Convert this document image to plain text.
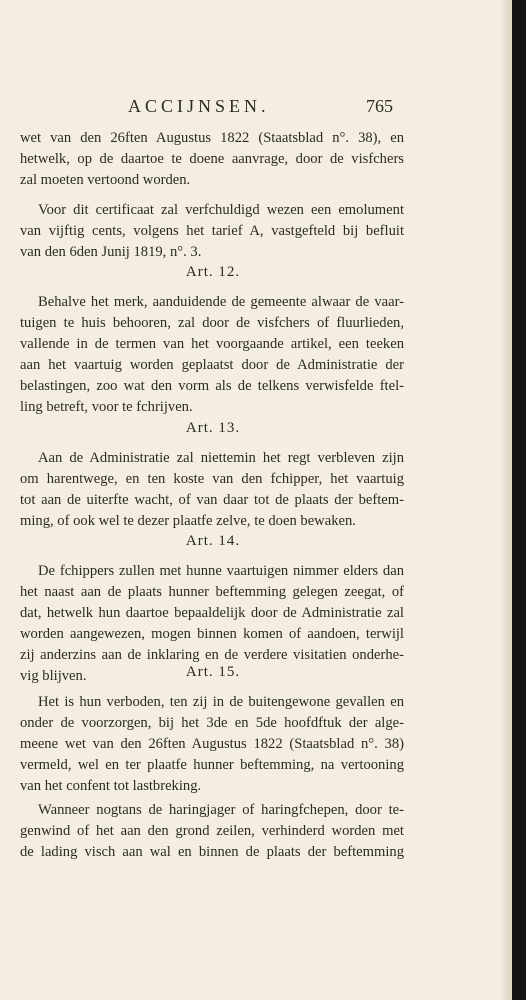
ACCIJNSEN.	765
wet van den 26ften Augustus 1822 (Staatsblad n°. 38), en
hetwelk, op de daartoe te doene aanvrage, door de visfchers
zal moeten vertoond worden.
Voor dit certificaat zal verfchuldigd wezen een emolument
van vijftig cents, volgens het tarief A, vastgefteld bij befluit
van den 6den Junij 1819, n°. 3.
Art. 12.
Behalve het merk, aanduidende de gemeente alwaar de vaar-
tuigen te huis behooren, zal door de visfchers of fluurlieden,
vallende in de termen van het voorgaande artikel, een teeken
aan het vaartuig worden geplaatst door de Administratie der
belastingen, zoo wat den vorm als de telkens verwisfelde ftel-
ling betreft, voor te fchrijven.
Art. 13.
Aan de Administratie zal niettemin het regt verbleven zijn
om harentwege, en ten koste van den fchipper, het vaartuig
tot aan de uiterfte wacht, of van daar tot de plaats der beftem-
ming, of ook wel te dezer plaatfe zelve, te doen bewaken.
Art. 14.
De fchippers zullen met hunne vaartuigen nimmer elders dan
het naast aan de plaats hunner beftemming gelegen zeegat, of
dat, hetwelk hun daartoe bepaaldelijk door de Administratie zal
worden aangewezen, mogen binnen komen of aandoen, terwijl
zij anderzins aan de inklaring en de verdere visitatien onderhe-
vig blijven.	Art. 15.
Het is hun verboden, ten zij in de buitengewone gevallen en
onder de voorzorgen, bij het 3de en 5de hoofdftuk der alge-
meene wet van den 26ften Augustus 1822 (Staatsblad n°. 38)
vermeld, wel en ter plaatfe hunner beftemming, na vertooning
van het confent tot lastbreking.
Wanneer nogtans de haringjager of haringfchepen, door te-
genwind of het aan den grond zeilen, verhinderd worden met
de lading visch aan wal en binnen de plaats der beftemming
